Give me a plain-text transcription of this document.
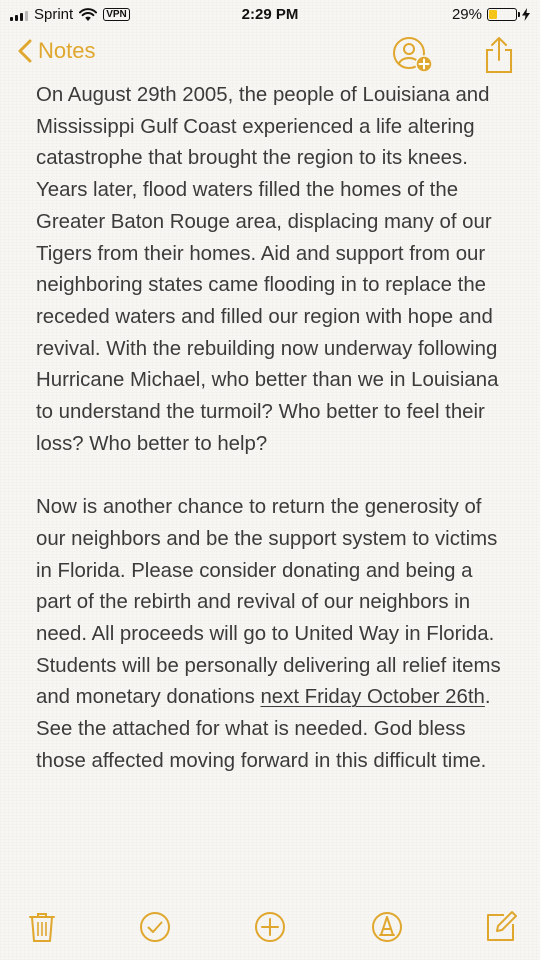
Sprint	VPN	2:29 PM	29%
Notes

On August 29th 2005, the people of Louisiana and Mississippi Gulf Coast experienced a life altering catastrophe that brought the region to its knees. Years later, flood waters filled the homes of the Greater Baton Rouge area, displacing many of our Tigers from their homes. Aid and support from our neighboring states came flooding in to replace the receded waters and filled our region with hope and revival. With the rebuilding now underway following Hurricane Michael, who better than we in Louisiana to understand the turmoil? Who better to feel their loss? Who better to help?

Now is another chance to return the generosity of our neighbors and be the support system to victims in Florida. Please consider donating and being a part of the rebirth and revival of our neighbors in need. All proceeds will go to United Way in Florida. Students will be personally delivering all relief items and monetary donations next Friday October 26th. See the attached for what is needed. God bless those affected moving forward in this difficult time.
